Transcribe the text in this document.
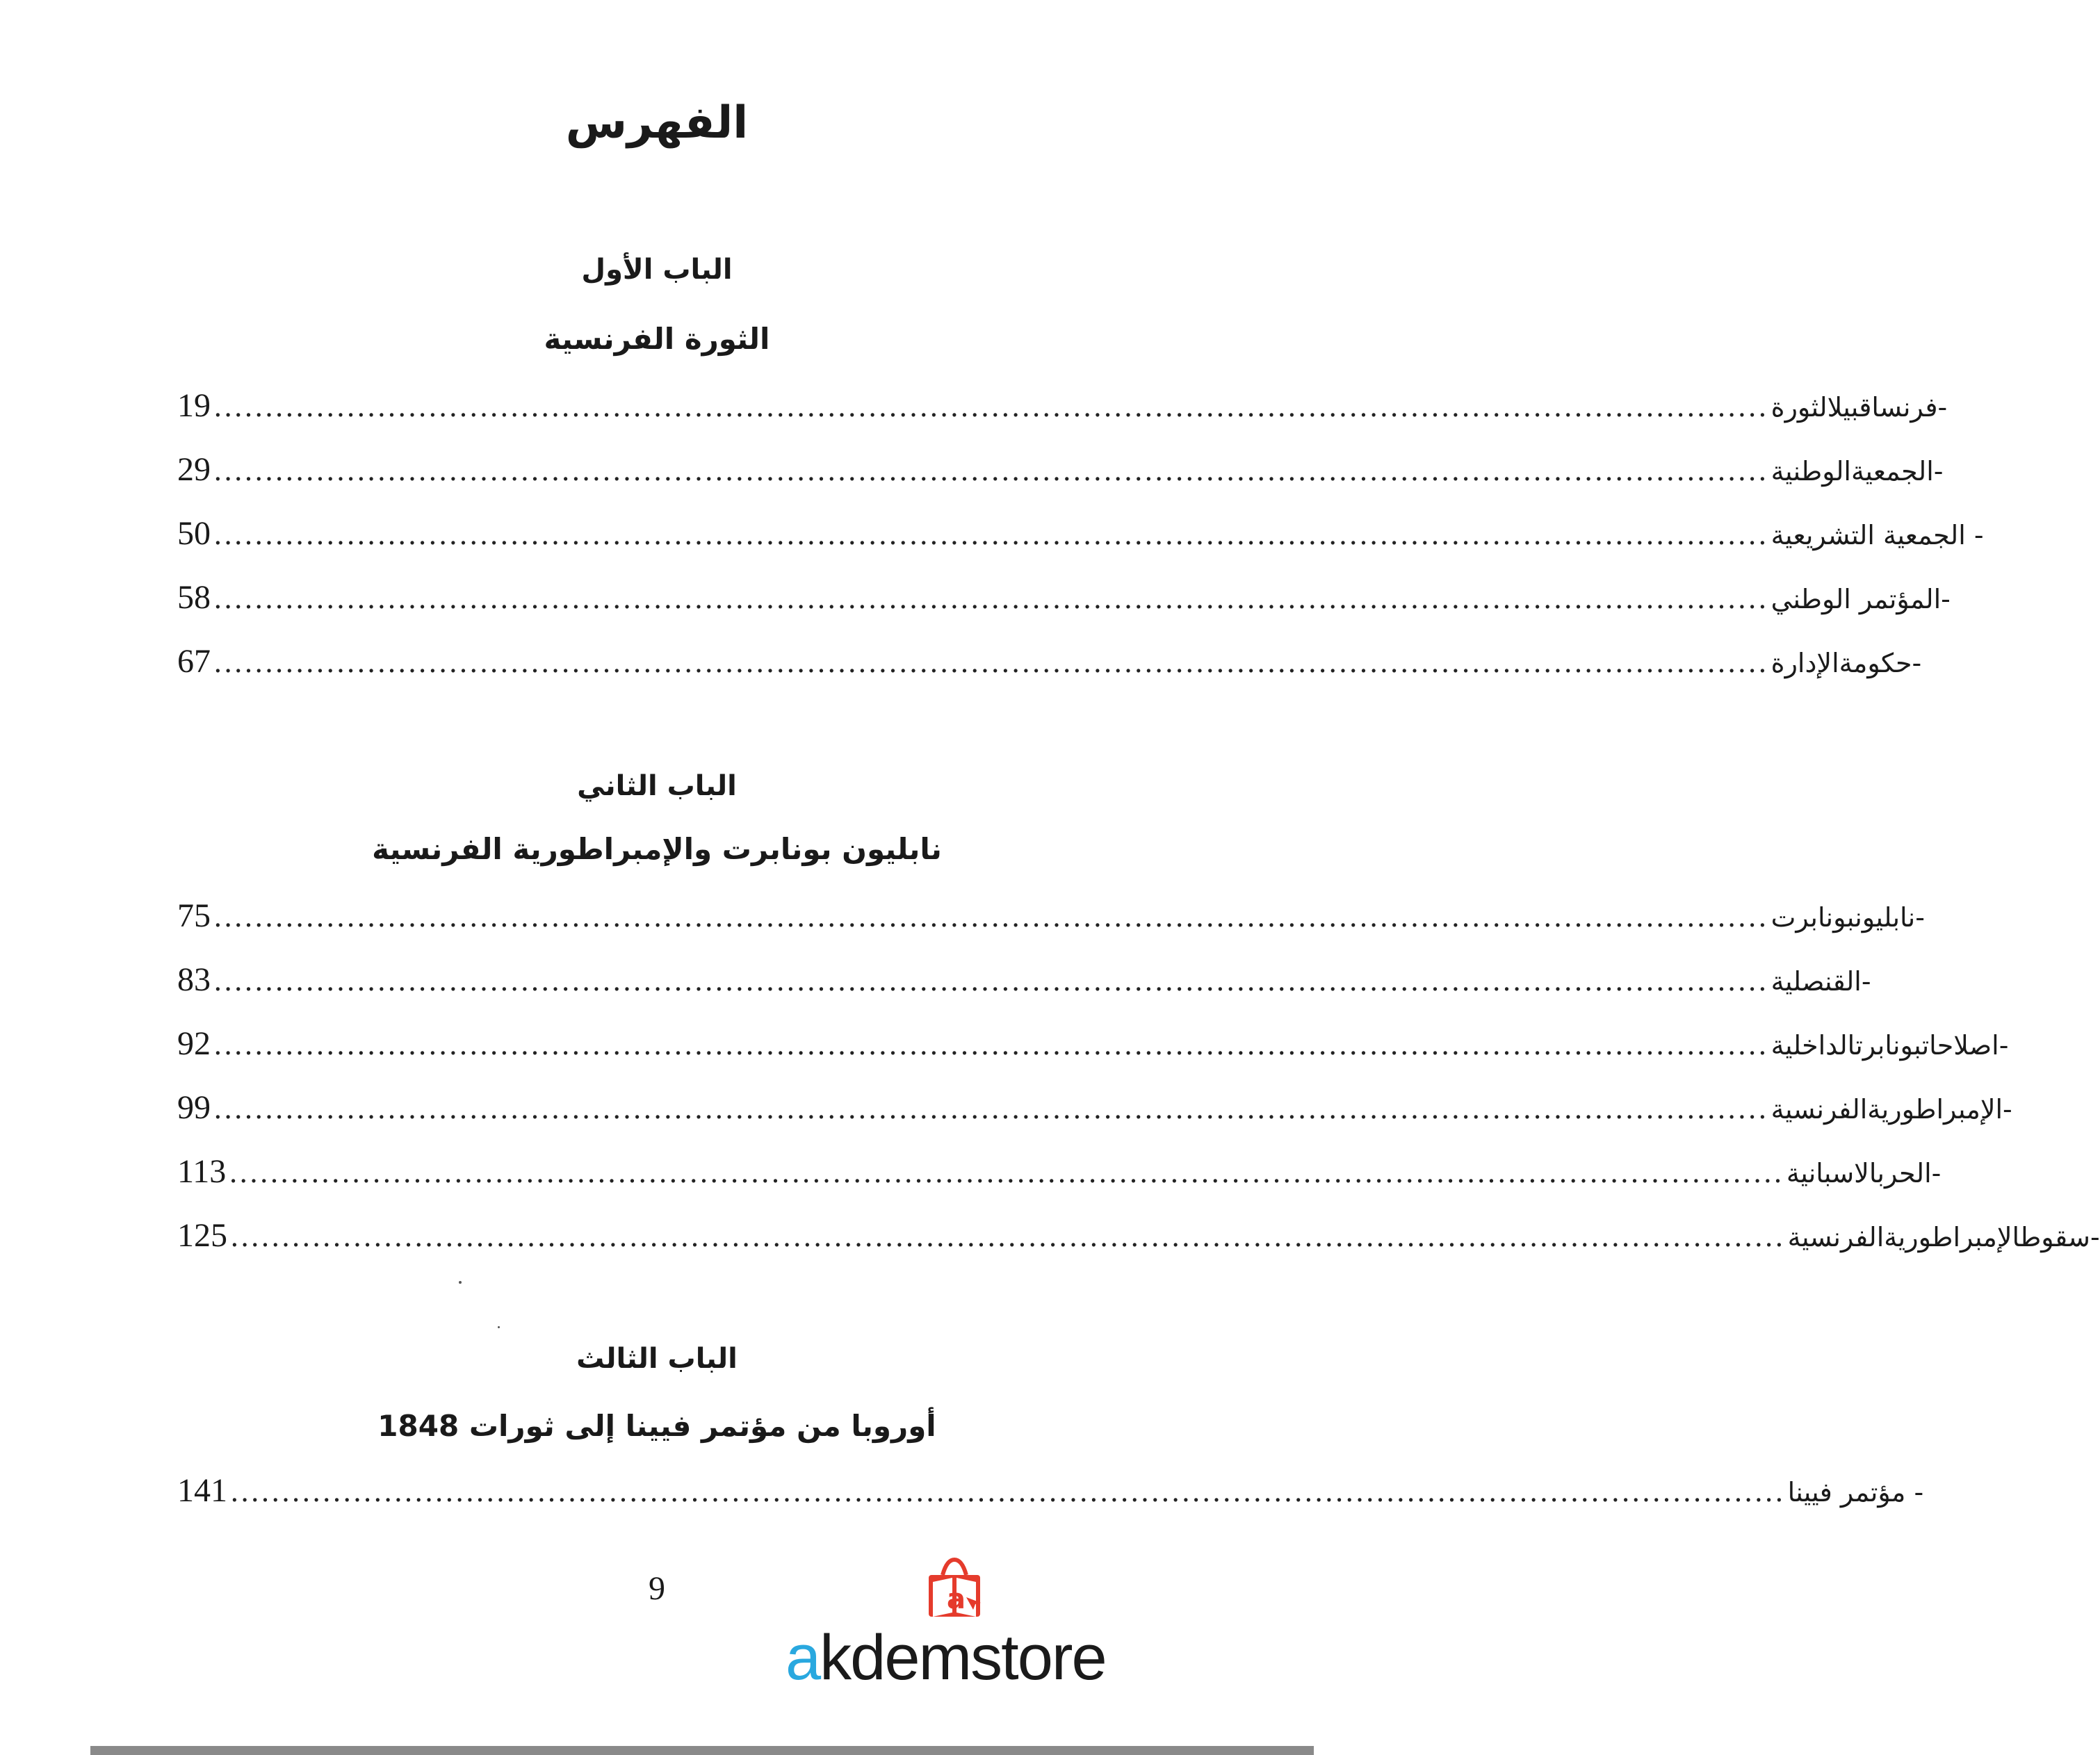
الفهرس
الباب الأول
الثورة الفرنسية
19 ........................................................................................................................................................ -فرنساقبيلالثورة
29 ........................................................................................................................................................ -الجمعيةالوطنية
50 ........................................................................................................................................................ - الجمعية التشريعية
58 ........................................................................................................................................................ -المؤتمر الوطني
67 ........................................................................................................................................................ -حكومةالإدارة
الباب الثاني
نابليون بونابرت والإمبراطورية الفرنسية
75 ........................................................................................................................................................ -نابليونبونابرت
83 ........................................................................................................................................................ -القنصلية
92 ........................................................................................................................................................ -اصلاحاتبونابرتالداخلية
99 ........................................................................................................................................................ -الإمبراطوريةالفرنسية
113 ........................................................................................................................................................ -الحربالاسبانية
125 ........................................................................................................................................................ -سقوطالإمبراطوريةالفرنسية
الباب الثالث
أوروبا من مؤتمر فيينا إلى ثورات 1848
141 ........................................................................................................................................................ - مؤتمر فيينا
9	a
akdemstore
